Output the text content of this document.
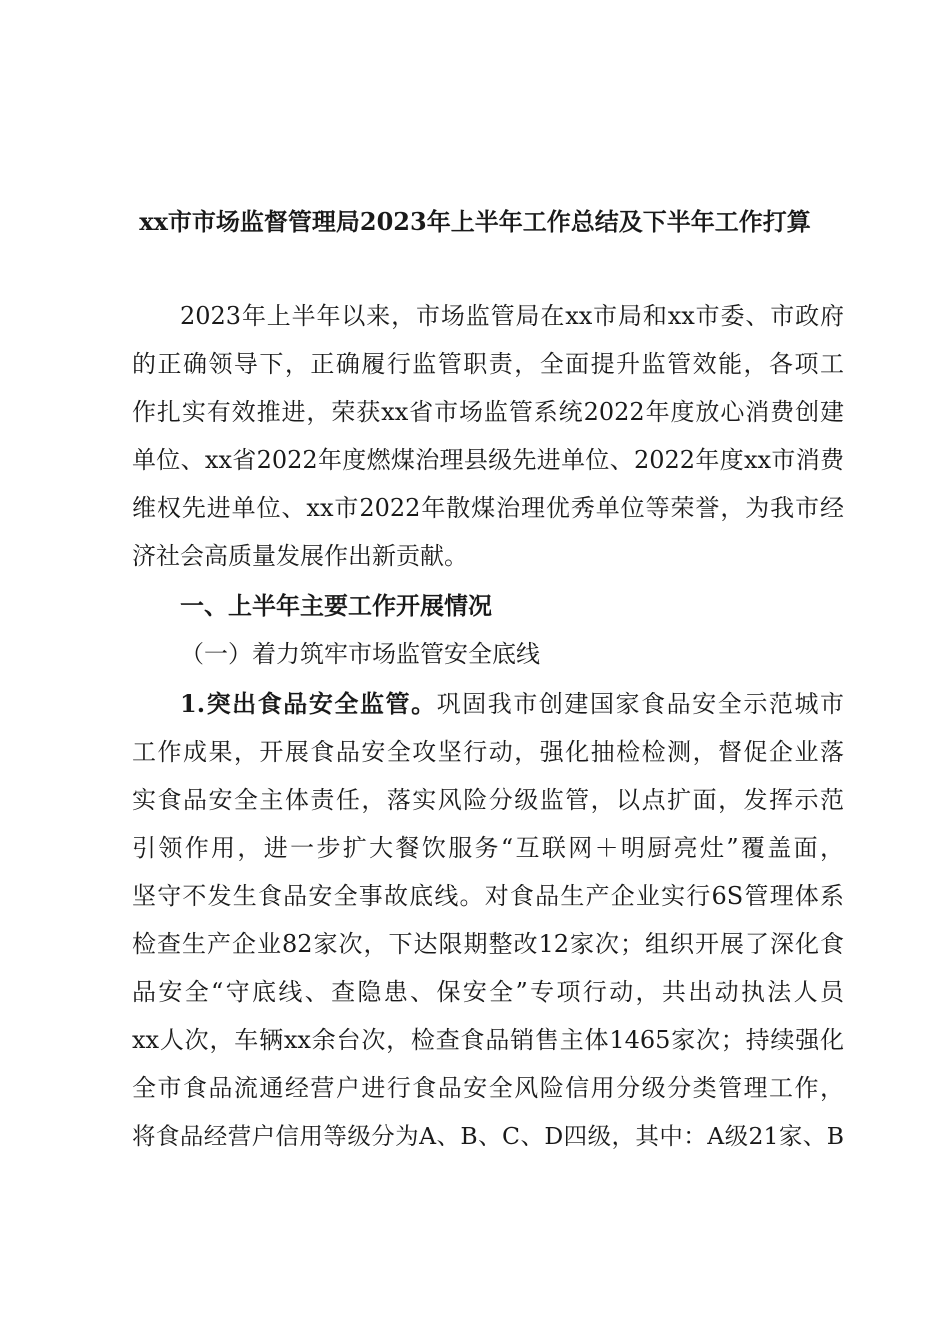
xx市市场监督管理局2023年上半年工作总结及下半年工作打算
2023年上半年以来，市场监管局在xx市局和xx市委、市政府
的正确领导下，正确履行监管职责，全面提升监管效能，各项工
作扎实有效推进，荣获xx省市场监管系统2022年度放心消费创建
单位、xx省2022年度燃煤治理县级先进单位、2022年度xx市消费
维权先进单位、xx市2022年散煤治理优秀单位等荣誉，为我市经
济社会高质量发展作出新贡献。
一、上半年主要工作开展情况
（一）着力筑牢市场监管安全底线
1.突出食品安全监管。巩固我市创建国家食品安全示范城市
工作成果，开展食品安全攻坚行动，强化抽检检测，督促企业落
实食品安全主体责任，落实风险分级监管，以点扩面，发挥示范
引领作用，进一步扩大餐饮服务“互联网＋明厨亮灶”覆盖面，
坚守不发生食品安全事故底线。对食品生产企业实行6S管理体系
检查生产企业82家次，下达限期整改12家次；组织开展了深化食
品安全“守底线、查隐患、保安全”专项行动，共出动执法人员
xx人次，车辆xx余台次，检查食品销售主体1465家次；持续强化
全市食品流通经营户进行食品安全风险信用分级分类管理工作，
将食品经营户信用等级分为A、B、C、D四级，其中：A级21家、B
